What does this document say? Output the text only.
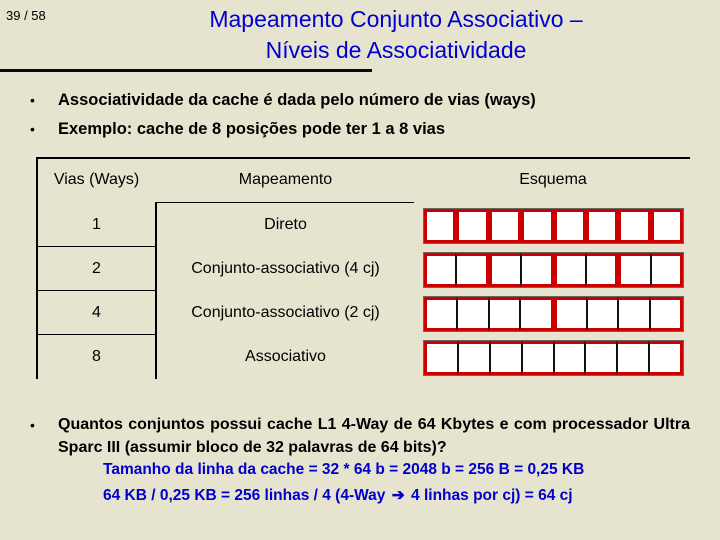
39 / 58	Mapeamento Conjunto Associativo –
Níveis de Associatividade
• Associatividade da cache é dada pelo número de vias (ways)
• Exemplo: cache de 8 posições pode ter 1 a 8 vias
Vias (Ways)	Mapeamento	Esquema
1	Direto
2	Conjunto-associativo (4 cj)
4	Conjunto-associativo (2 cj)
8	Associativo
• Quantos conjuntos possui cache L1 4-Way de 64 Kbytes e com processador Ultra Sparc III (assumir bloco de 32 palavras de 64 bits)?
Tamanho da linha da cache = 32 * 64 b = 2048 b = 256 B = 0,25 KB
64 KB / 0,25 KB = 256 linhas / 4 (4-Way ➔ 4 linhas por cj) = 64 cj
